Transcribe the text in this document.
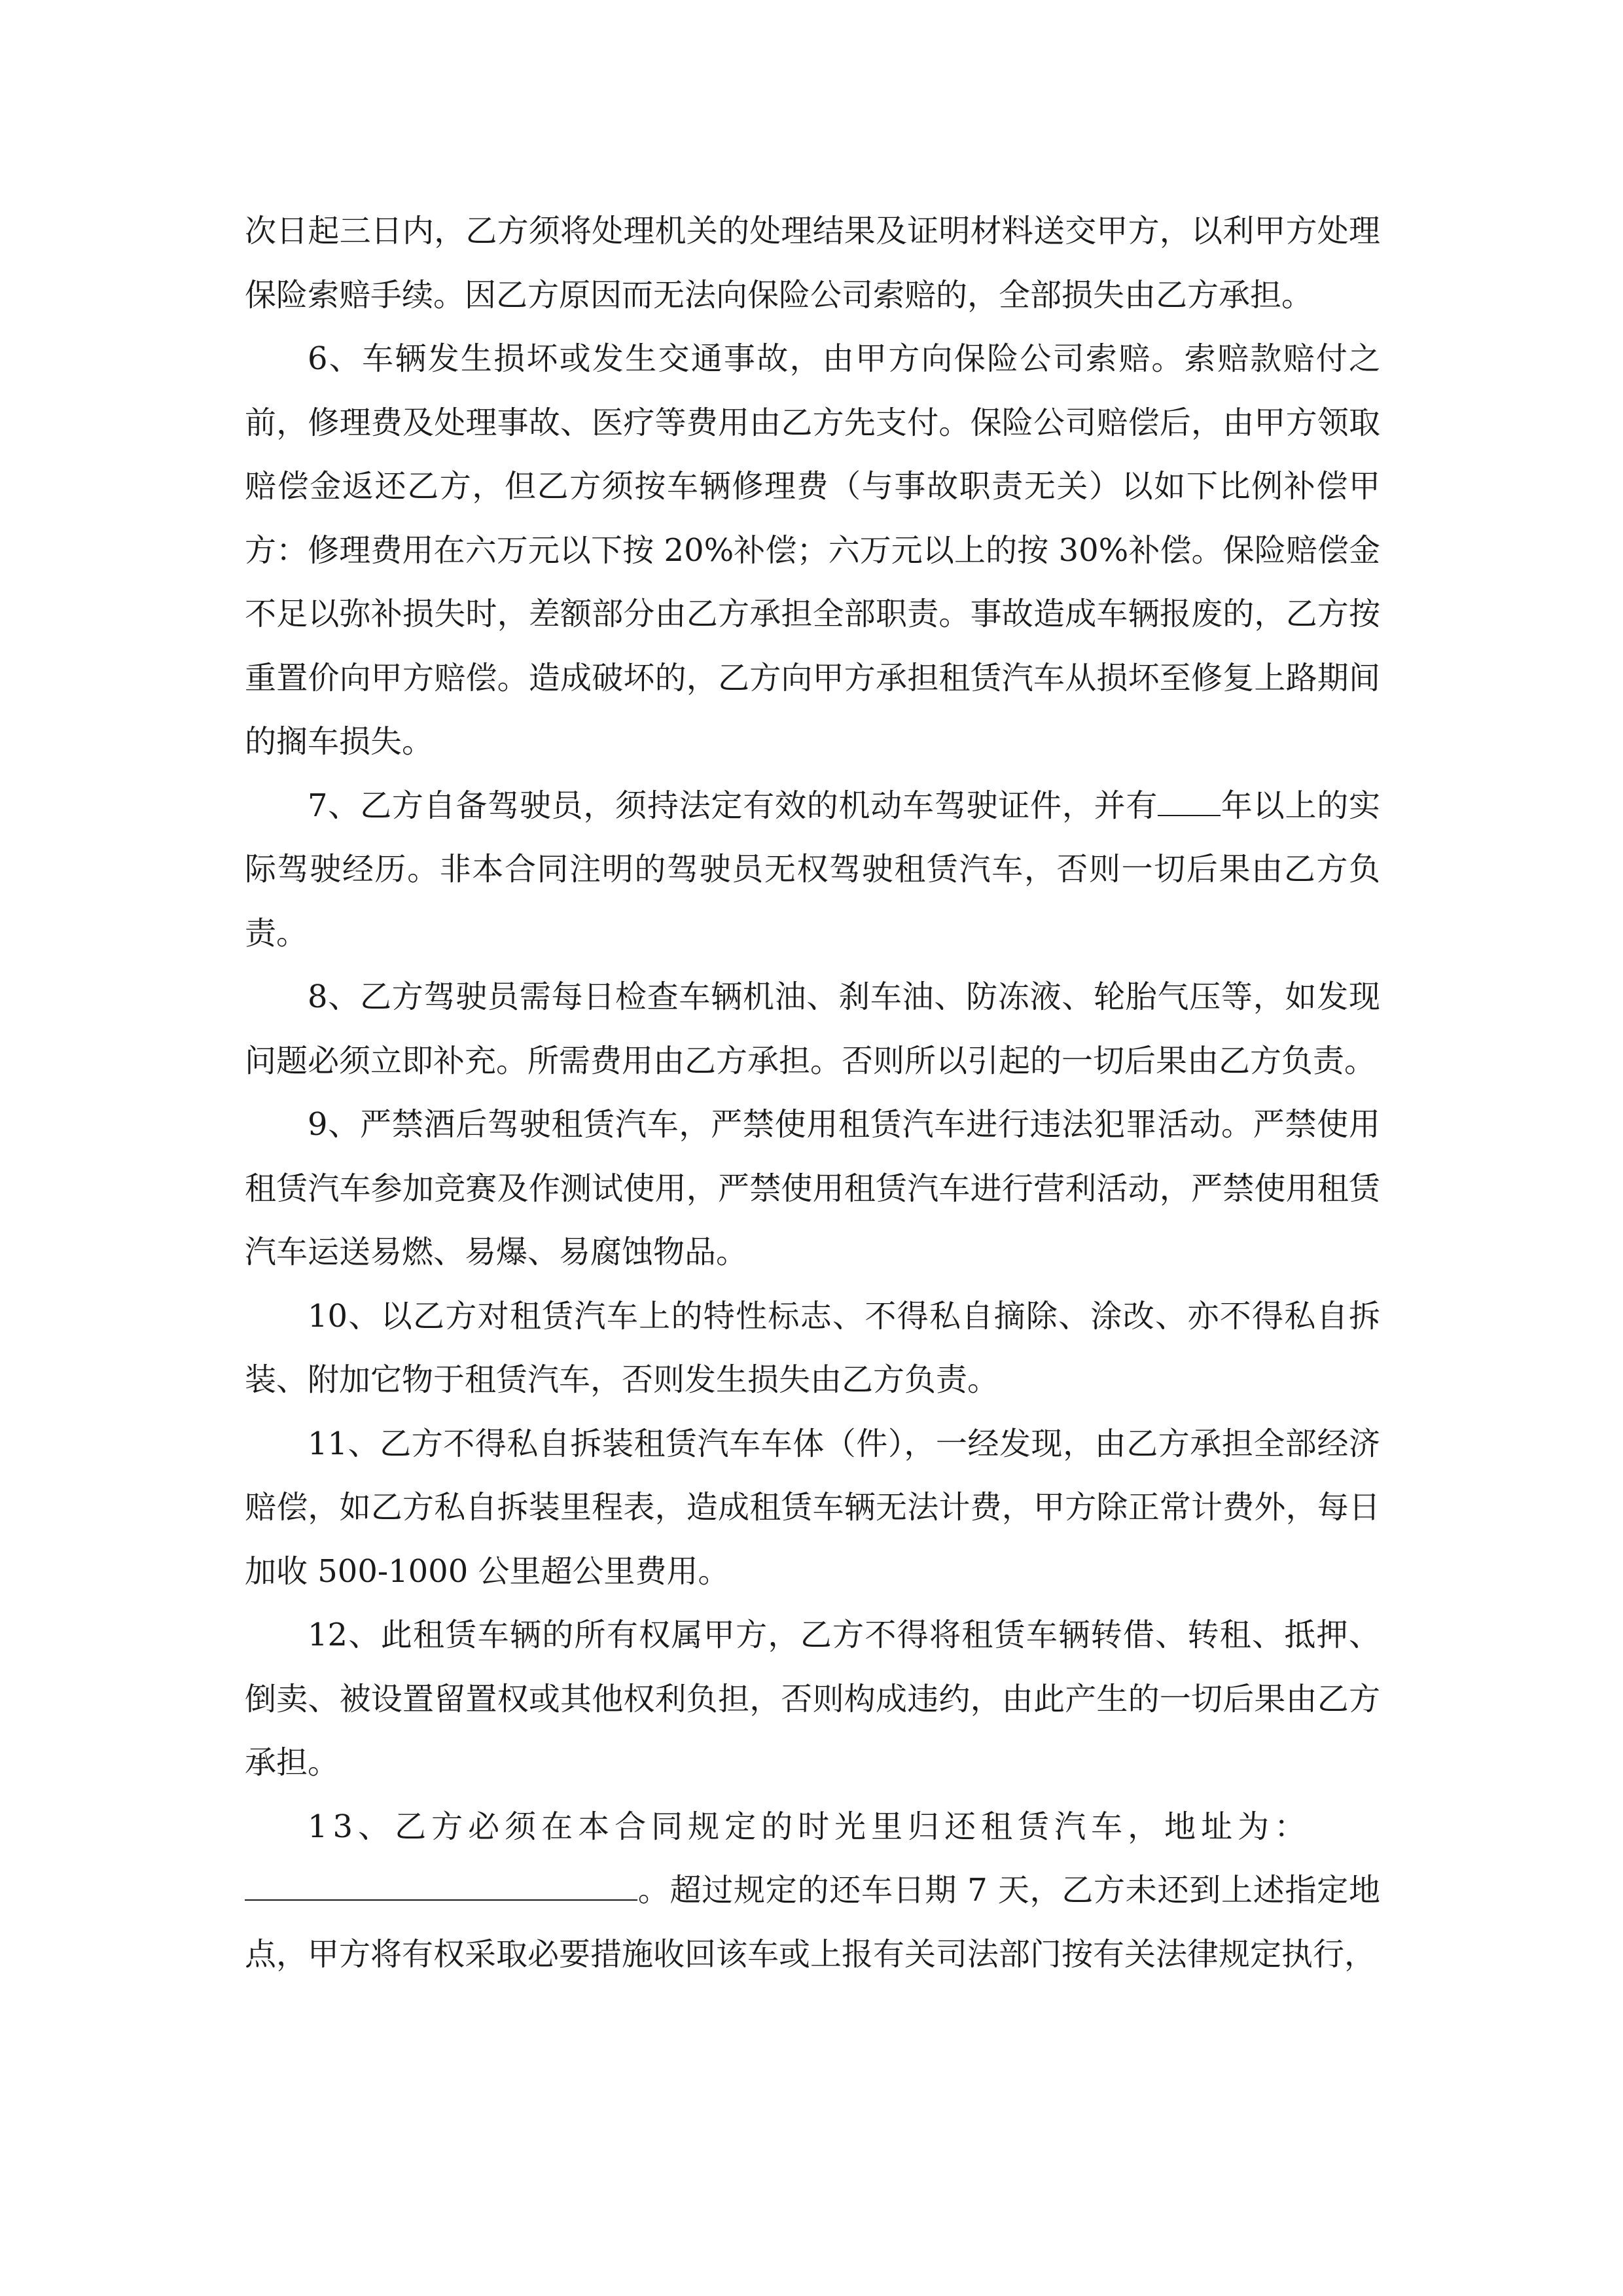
次日起三日内，乙方须将处理机关的处理结果及证明材料送交甲方，以利甲方处理保险索赔手续。因乙方原因而无法向保险公司索赔的，全部损失由乙方承担。

6、车辆发生损坏或发生交通事故，由甲方向保险公司索赔。索赔款赔付之前，修理费及处理事故、医疗等费用由乙方先支付。保险公司赔偿后，由甲方领取赔偿金返还乙方，但乙方须按车辆修理费（与事故职责无关）以如下比例补偿甲方：修理费用在六万元以下按 20%补偿；六万元以上的按 30%补偿。保险赔偿金不足以弥补损失时，差额部分由乙方承担全部职责。事故造成车辆报废的，乙方按重置价向甲方赔偿。造成破坏的，乙方向甲方承担租赁汽车从损坏至修复上路期间的搁车损失。

7、乙方自备驾驶员，须持法定有效的机动车驾驶证件，并有 年以上的实际驾驶经历。非本合同注明的驾驶员无权驾驶租赁汽车，否则一切后果由乙方负责。

8、乙方驾驶员需每日检查车辆机油、刹车油、防冻液、轮胎气压等，如发现问题必须立即补充。所需费用由乙方承担。否则所以引起的一切后果由乙方负责。

9、严禁酒后驾驶租赁汽车，严禁使用租赁汽车进行违法犯罪活动。严禁使用租赁汽车参加竞赛及作测试使用，严禁使用租赁汽车进行营利活动，严禁使用租赁汽车运送易燃、易爆、易腐蚀物品。

10、以乙方对租赁汽车上的特性标志、不得私自摘除、涂改、亦不得私自拆装、附加它物于租赁汽车，否则发生损失由乙方负责。

11、乙方不得私自拆装租赁汽车车体（件），一经发现，由乙方承担全部经济赔偿，如乙方私自拆装里程表，造成租赁车辆无法计费，甲方除正常计费外，每日加收 500-1000 公里超公里费用。

12、此租赁车辆的所有权属甲方，乙方不得将租赁车辆转借、转租、抵押、倒卖、被设置留置权或其他权利负担，否则构成违约，由此产生的一切后果由乙方承担。

13、乙方必须在本合同规定的时光里归还租赁汽车，地址为：
。超过规定的还车日期 7 天，乙方未还到上述指定地点，甲方将有权采取必要措施收回该车或上报有关司法部门按有关法律规定执行，
